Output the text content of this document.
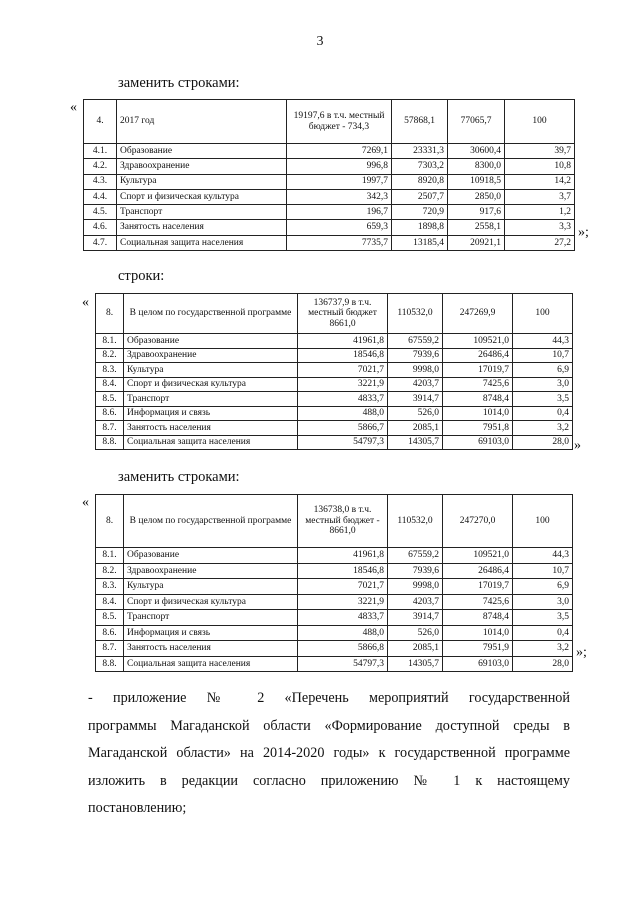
3
заменить строками:
«
4.	2017 год	19197,6 в т.ч. местный бюджет - 734,3	57868,1	77065,7	100
4.1.	Образование	7269,1	23331,3	30600,4	39,7
4.2.	Здравоохранение	996,8	7303,2	8300,0	10,8
4.3.	Культура	1997,7	8920,8	10918,5	14,2
4.4.	Спорт и физическая культура	342,3	2507,7	2850,0	3,7
4.5.	Транспорт	196,7	720,9	917,6	1,2
4.6.	Занятость населения	659,3	1898,8	2558,1	3,3
4.7.	Социальная защита населения	7735,7	13185,4	20921,1	27,2
»;
строки:
«
8.	В целом по государственной программе	136737,9 в т.ч. местный бюджет 8661,0	110532,0	247269,9	100
8.1.	Образование	41961,8	67559,2	109521,0	44,3
8.2.	Здравоохранение	18546,8	7939,6	26486,4	10,7
8.3.	Культура	7021,7	9998,0	17019,7	6,9
8.4.	Спорт и физическая культура	3221,9	4203,7	7425,6	3,0
8.5.	Транспорт	4833,7	3914,7	8748,4	3,5
8.6.	Информация и связь	488,0	526,0	1014,0	0,4
8.7.	Занятость населения	5866,7	2085,1	7951,8	3,2
8.8.	Социальная защита населения	54797,3	14305,7	69103,0	28,0 »
заменить строками:
«
8.	В целом по государственной программе	136738,0 в т.ч. местный бюджет - 8661,0	110532,0	247270,0	100
8.1.	Образование	41961,8	67559,2	109521,0	44,3
8.2.	Здравоохранение	18546,8	7939,6	26486,4	10,7
8.3.	Культура	7021,7	9998,0	17019,7	6,9
8.4.	Спорт и физическая культура	3221,9	4203,7	7425,6	3,0
8.5.	Транспорт	4833,7	3914,7	8748,4	3,5
8.6.	Информация и связь	488,0	526,0	1014,0	0,4
8.7.	Занятость населения	5866,8	2085,1	7951,9	3,2
8.8.	Социальная защита населения	54797,3	14305,7	69103,0	28,0
»;
- приложение № 2 «Перечень мероприятий государственной
программы Магаданской области «Формирование доступной среды в
Магаданской области» на 2014-2020 годы» к государственной программе
изложить в редакции согласно приложению № 1 к настоящему
постановлению;
